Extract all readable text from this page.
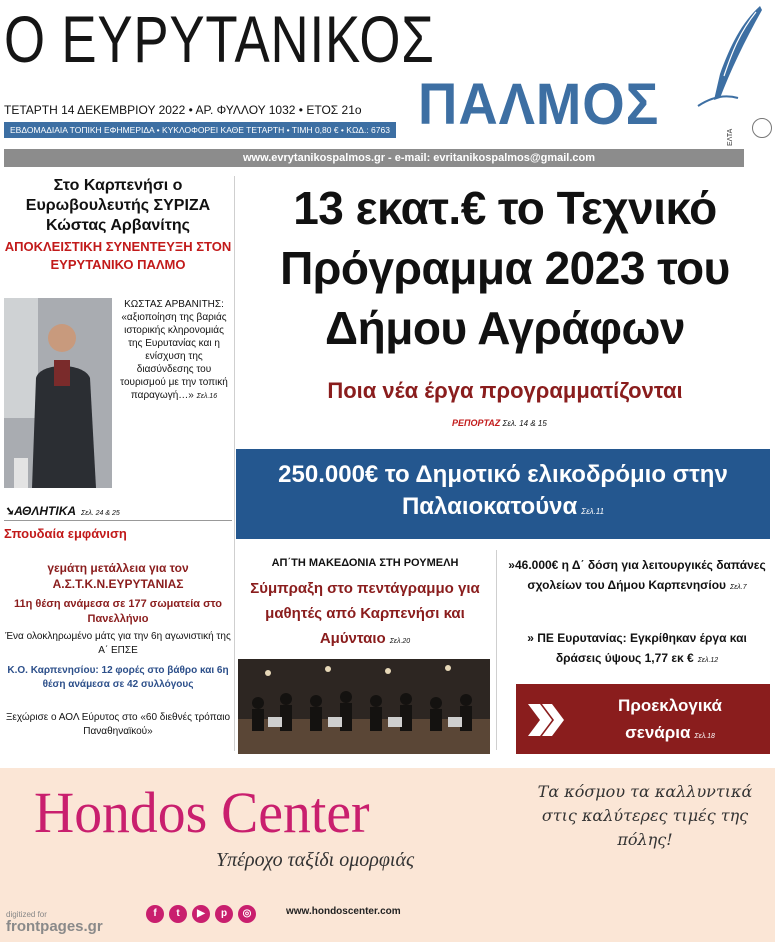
Ο ΕΥΡΥΤΑΝΙΚΟΣ
ΠΑΛΜΟΣ
ΤΕΤΑΡΤΗ 14 ΔΕΚΕΜΒΡΙΟΥ 2022 • ΑΡ. ΦΥΛΛΟΥ 1032 • ΕΤΟΣ 21ο
ΕΒΔΟΜΑΔΙΑΙΑ ΤΟΠΙΚΗ ΕΦΗΜΕΡΙΔΑ • ΚΥΚΛΟΦΟΡΕΙ ΚΑΘΕ ΤΕΤΑΡΤΗ • ΤΙΜΗ 0,80 € • ΚΩΔ.: 6763	ΕΛΤΑ
www.evrytanikospalmos.gr - e-mail: evritanikospalmos@gmail.com
Στο Καρπενήσι ο Ευρωβουλευτής ΣΥΡΙΖΑ Κώστας Αρβανίτης
ΑΠΟΚΛΕΙΣΤΙΚΗ ΣΥΝΕΝΤΕΥΞΗ ΣΤΟΝ ΕΥΡΥΤΑΝΙΚΟ ΠΑΛΜΟ
ΚΩΣΤΑΣ ΑΡΒΑΝΙΤΗΣ: «αξιοποίηση της βαριάς ιστορικής κληρονομιάς της Ευρυτανίας και η ενίσχυση της διασύνδεσης του τουρισμού με την τοπική παραγωγή…» Σελ.16
➘ΑΘΛΗΤΙΚΑ Σελ. 24 & 25
Σπουδαία εμφάνιση
γεμάτη μετάλλεια για τον Α.Σ.Τ.Κ.Ν.ΕΥΡΥΤΑΝΙΑΣ
11η θέση ανάμεσα σε 177 σωματεία στο Πανελλήνιο
Ένα ολοκληρωμένο μάτς για την 6η αγωνιστική της Α΄ ΕΠΣΕ
Κ.Ο. Καρπενησίου: 12 φορές στο βάθρο και 6η θέση ανάμεσα σε 42 συλλόγους
Ξεχώρισε ο ΑΟΛ Εύρυτος στο «60 διεθνές τρόπαιο Παναθηναϊκού»
13 εκατ.€ το Τεχνικό Πρόγραμμα 2023 του Δήμου Αγράφων
Ποια νέα έργα προγραμματίζονται
ΡΕΠΟΡΤΑΖ Σελ. 14 & 15
250.000€ το Δημοτικό ελικοδρόμιο στην Παλαιοκατούνα Σελ.11
ΑΠ΄ΤΗ ΜΑΚΕΔΟΝΙΑ ΣΤΗ ΡΟΥΜΕΛΗ
Σύμπραξη στο πεντάγραμμο για μαθητές από Καρπενήσι και Αμύνταιο Σελ.20
»46.000€ η Δ΄ δόση για λειτουργικές δαπάνες σχολείων του Δήμου Καρπενησίου Σελ.7
» ΠΕ Ευρυτανίας: Εγκρίθηκαν έργα και δράσεις ύψους 1,77 εκ € Σελ.12
Προεκλογικά σενάρια Σελ.18
Hondos Center
Υπέροχο ταξίδι ομορφιάς
Τα κόσμου τα καλλυντικά στις καλύτερες τιμές της πόλης!
f t ▶ p ◎	www.hondoscenter.com
digitized for
frontpages.gr
